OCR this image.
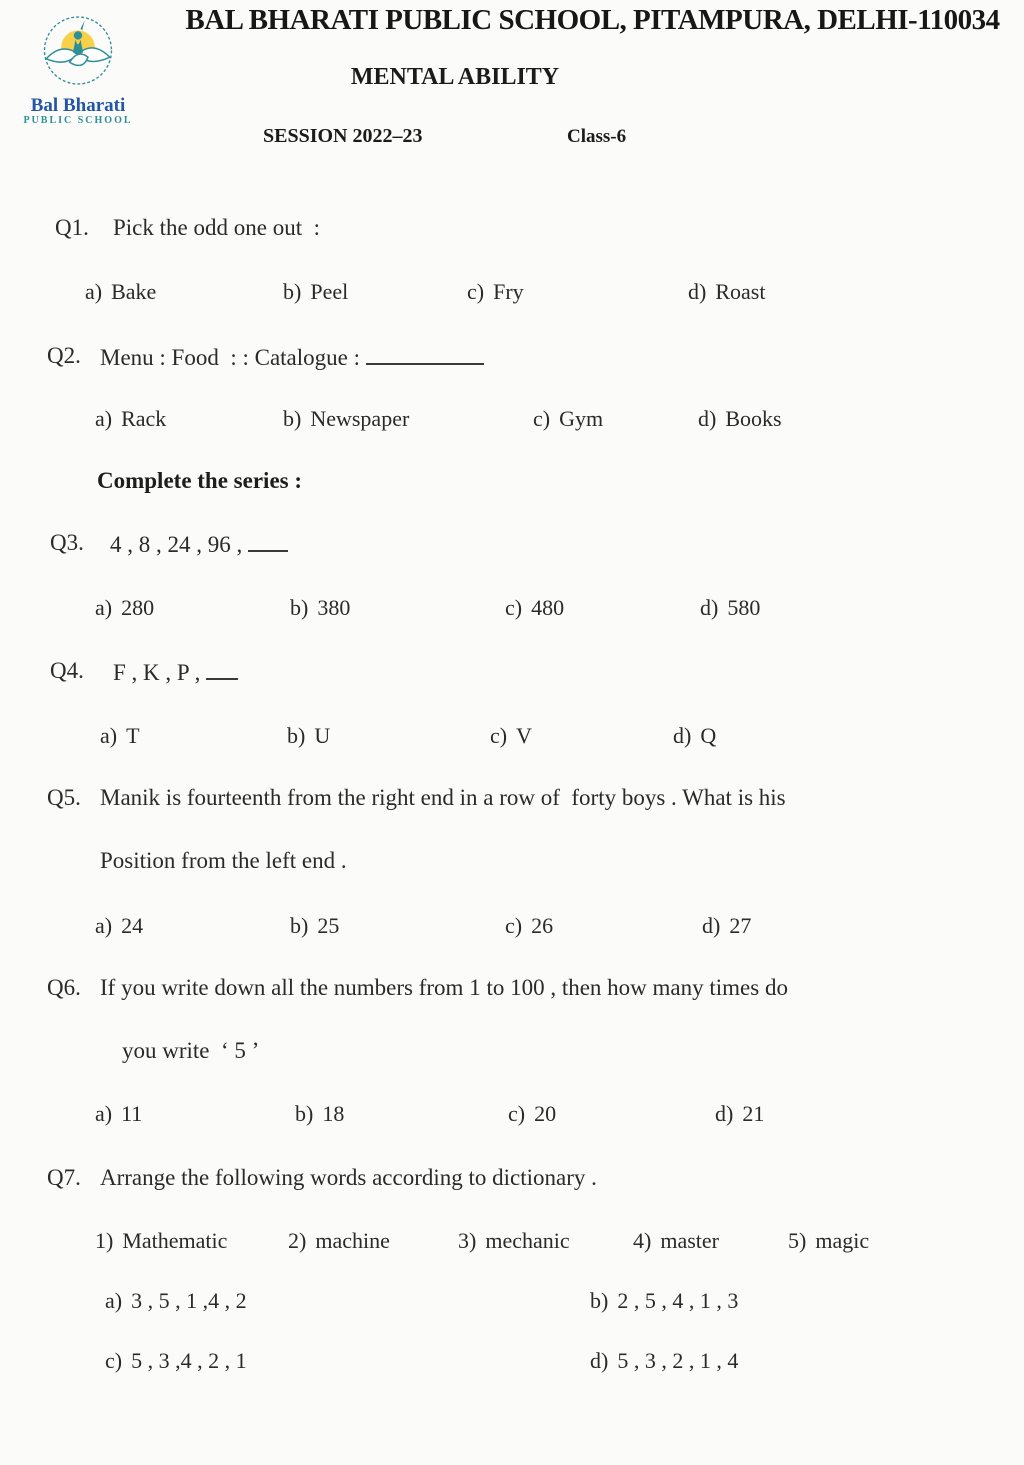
Bal Bharati
PUBLIC SCHOOL
BAL BHARATI PUBLIC SCHOOL, PITAMPURA, DELHI-110034
MENTAL ABILITY
SESSION 2022–23	Class-6
Q1. Pick the odd one out  :
a) Bake	b) Peel	c) Fry	d) Roast
Q2. Menu : Food  : : Catalogue :
a) Rack	b) Newspaper	c) Gym	d) Books
Complete the series :
Q3. 4 , 8 , 24 , 96 ,
a) 280	b) 380	c) 480	d) 580
Q4. F , K , P ,
a) T	b) U	c) V	d) Q
Q5. Manik is fourteenth from the right end in a row of  forty boys . What is his
Position from the left end .
a) 24	b) 25	c) 26	d) 27
Q6. If you write down all the numbers from 1 to 100 , then how many times do
you write  ‘ 5 ’
a) 11	b) 18	c) 20	d) 21
Q7. Arrange the following words according to dictionary .
1) Mathematic	2) machine	3) mechanic	4) master	5) magic
a) 3 , 5 , 1 ,4 , 2	b) 2 , 5 , 4 , 1 , 3
c) 5 , 3 ,4 , 2 , 1	d) 5 , 3 , 2 , 1 , 4
